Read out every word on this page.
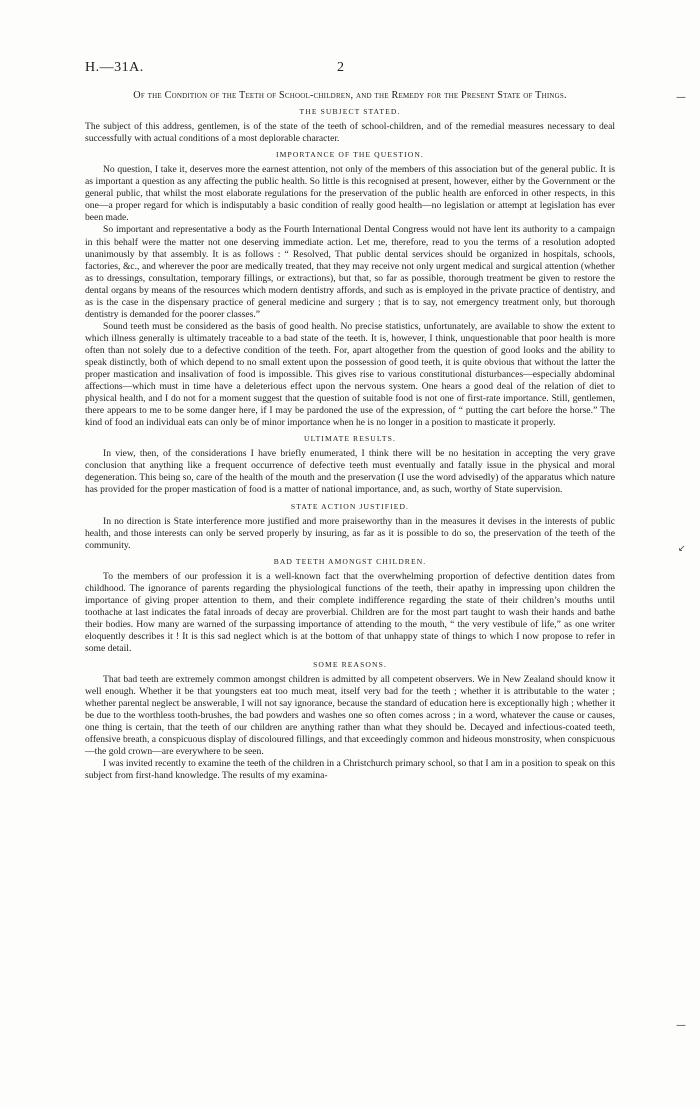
H.—31A.	2
—
↙
—
Of the Condition of the Teeth of School-children, and the Remedy for the Present State of Things.
THE SUBJECT STATED.

The subject of this address, gentlemen, is of the state of the teeth of school-children, and of the remedial measures necessary to deal successfully with actual conditions of a most deplorable character.

IMPORTANCE OF THE QUESTION.

No question, I take it, deserves more the earnest attention, not only of the members of this association but of the general public. It is as important a question as any affecting the public health. So little is this recognised at present, however, either by the Government or the general public, that whilst the most elaborate regulations for the preservation of the public health are enforced in other respects, in this one—a proper regard for which is indisputably a basic condition of really good health—no legislation or attempt at legislation has ever been made.

So important and representative a body as the Fourth International Dental Congress would not have lent its authority to a campaign in this behalf were the matter not one deserving immediate action. Let me, therefore, read to you the terms of a resolution adopted unanimously by that assembly. It is as follows : “ Resolved, That public dental services should be organized in hospitals, schools, factories, &c., and wherever the poor are medically treated, that they may receive not only urgent medical and surgical attention (whether as to dressings, consultation, temporary fillings, or extractions), but that, so far as possible, thorough treatment be given to restore the dental organs by means of the resources which modern dentistry affords, and such as is employed in the private practice of dentistry, and as is the case in the dispensary practice of general medicine and surgery ; that is to say, not emergency treatment only, but thorough dentistry is demanded for the poorer classes.”

Sound teeth must be considered as the basis of good health. No precise statistics, unfortunately, are available to show the extent to which illness generally is ultimately traceable to a bad state of the teeth. It is, however, I think, unquestionable that poor health is more often than not solely due to a defective condition of the teeth. For, apart altogether from the question of good looks and the ability to speak distinctly, both of which depend to no small extent upon the possession of good teeth, it is quite obvious that without the latter the proper mastication and insalivation of food is impossible. This gives rise to various constitutional disturbances—especially abdominal affections—which must in time have a deleterious effect upon the nervous system. One hears a good deal of the relation of diet to physical health, and I do not for a moment suggest that the question of suitable food is not one of first-rate importance. Still, gentlemen, there appears to me to be some danger here, if I may be pardoned the use of the expression, of “ putting the cart before the horse.” The kind of food an individual eats can only be of minor importance when he is no longer in a position to masticate it properly.

ULTIMATE RESULTS.

In view, then, of the considerations I have briefly enumerated, I think there will be no hesitation in accepting the very grave conclusion that anything like a frequent occurrence of defective teeth must eventually and fatally issue in the physical and moral degeneration. This being so, care of the health of the mouth and the preservation (I use the word advisedly) of the apparatus which nature has provided for the proper mastication of food is a matter of national importance, and, as such, worthy of State supervision.

STATE ACTION JUSTIFIED.

In no direction is State interference more justified and more praiseworthy than in the measures it devises in the interests of public health, and those interests can only be served properly by insuring, as far as it is possible to do so, the preservation of the teeth of the community.

BAD TEETH AMONGST CHILDREN.

To the members of our profession it is a well-known fact that the overwhelming proportion of defective dentition dates from childhood. The ignorance of parents regarding the physiological functions of the teeth, their apathy in impressing upon children the importance of giving proper attention to them, and their complete indifference regarding the state of their children’s mouths until toothache at last indicates the fatal inroads of decay are proverbial. Children are for the most part taught to wash their hands and bathe their bodies. How many are warned of the surpassing importance of attending to the mouth, “ the very vestibule of life,” as one writer eloquently describes it ! It is this sad neglect which is at the bottom of that unhappy state of things to which I now propose to refer in some detail.

SOME REASONS.

That bad teeth are extremely common amongst children is admitted by all competent observers. We in New Zealand should know it well enough. Whether it be that youngsters eat too much meat, itself very bad for the teeth ; whether it is attributable to the water ; whether parental neglect be answerable, I will not say ignorance, because the standard of education here is exceptionally high ; whether it be due to the worthless tooth-brushes, the bad powders and washes one so often comes across ; in a word, whatever the cause or causes, one thing is certain, that the teeth of our children are anything rather than what they should be. Decayed and infectious-coated teeth, offensive breath, a conspicuous display of discoloured fillings, and that exceedingly common and hideous monstrosity, when conspicuous—the gold crown—are everywhere to be seen.

I was invited recently to examine the teeth of the children in a Christchurch primary school, so that I am in a position to speak on this subject from first-hand knowledge. The results of my examina-
